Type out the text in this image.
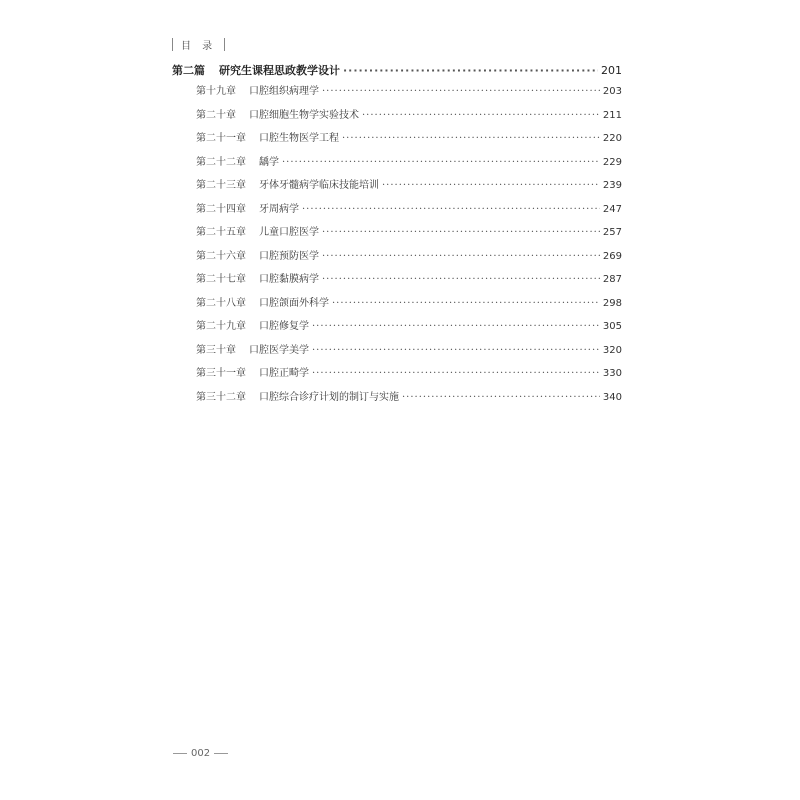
目 录
第二篇 研究生课程思政教学设计 ·····	201
第十九章 口腔组织病理学 ·····	203
第二十章 口腔细胞生物学实验技术 ·····	211
第二十一章 口腔生物医学工程 ·····	220
第二十二章 龋学 ·····	229
第二十三章 牙体牙髓病学临床技能培训 ·····	239
第二十四章 牙周病学 ·····	247
第二十五章 儿童口腔医学 ·····	257
第二十六章 口腔预防医学 ·····	269
第二十七章 口腔黏膜病学 ·····	287
第二十八章 口腔颌面外科学 ·····	298
第二十九章 口腔修复学 ·····	305
第三十章 口腔医学美学 ·····	320
第三十一章 口腔正畸学 ·····	330
第三十二章 口腔综合诊疗计划的制订与实施 ·····	340
002
